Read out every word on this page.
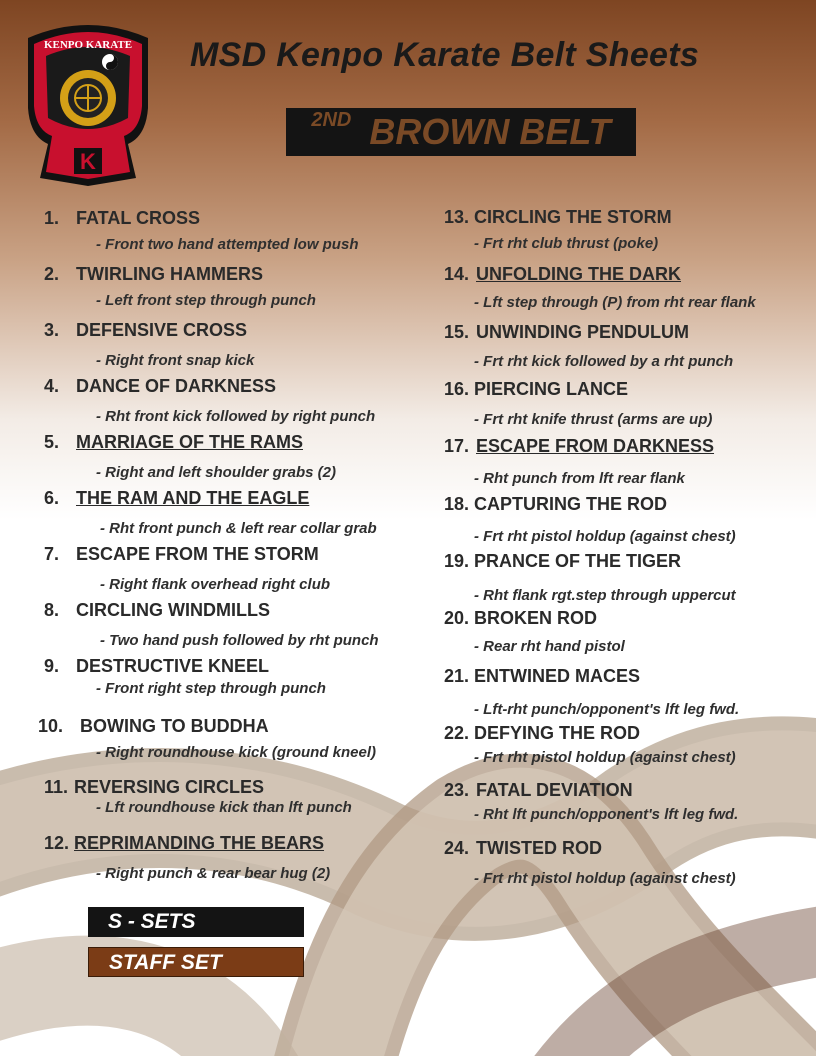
K
KENPO KARATE MSD Kenpo Karate Belt Sheets
$^{2ND}$ BROWN BELT
1. FATAL CROSS
- Front two hand attempted low push
2. TWIRLING HAMMERS
- Left front step through punch
3. DEFENSIVE CROSS
- Right front snap kick
4. DANCE OF DARKNESS
- Rht front kick followed by right punch
5. MARRIAGE OF THE RAMS
- Right and left shoulder grabs (2)
6. THE RAM AND THE EAGLE
- Rht front punch & left rear collar grab
7. ESCAPE FROM THE STORM
- Right flank overhead right club
8. CIRCLING WINDMILLS
- Two hand push followed by rht punch
9. DESTRUCTIVE KNEEL
- Front right step through punch
10. BOWING TO BUDDHA
- Right roundhouse kick (ground kneel)
11. REVERSING CIRCLES
- Lft roundhouse kick than lft punch
12. REPRIMANDING THE BEARS
- Right punch & rear bear hug (2)
13. CIRCLING THE STORM
- Frt rht club thrust (poke)
14. UNFOLDING THE DARK
- Lft step through (P) from rht rear flank
15. UNWINDING PENDULUM
- Frt rht kick followed by a rht punch
16. PIERCING LANCE
- Frt rht knife thrust (arms are up)
17. ESCAPE FROM DARKNESS
- Rht punch from lft rear flank
18. CAPTURING THE ROD
- Frt rht pistol holdup (against chest)
19. PRANCE OF THE TIGER
- Rht flank rgt.step through uppercut
20. BROKEN ROD
- Rear rht hand pistol
21. ENTWINED MACES
- Lft-rht punch/opponent's lft leg fwd.
22. DEFYING THE ROD
- Frt rht pistol holdup (against chest)
23. FATAL DEVIATION
- Rht lft punch/opponent's lft leg fwd.
24. TWISTED ROD
- Frt rht pistol holdup (against chest)
S - SETS
STAFF SET
